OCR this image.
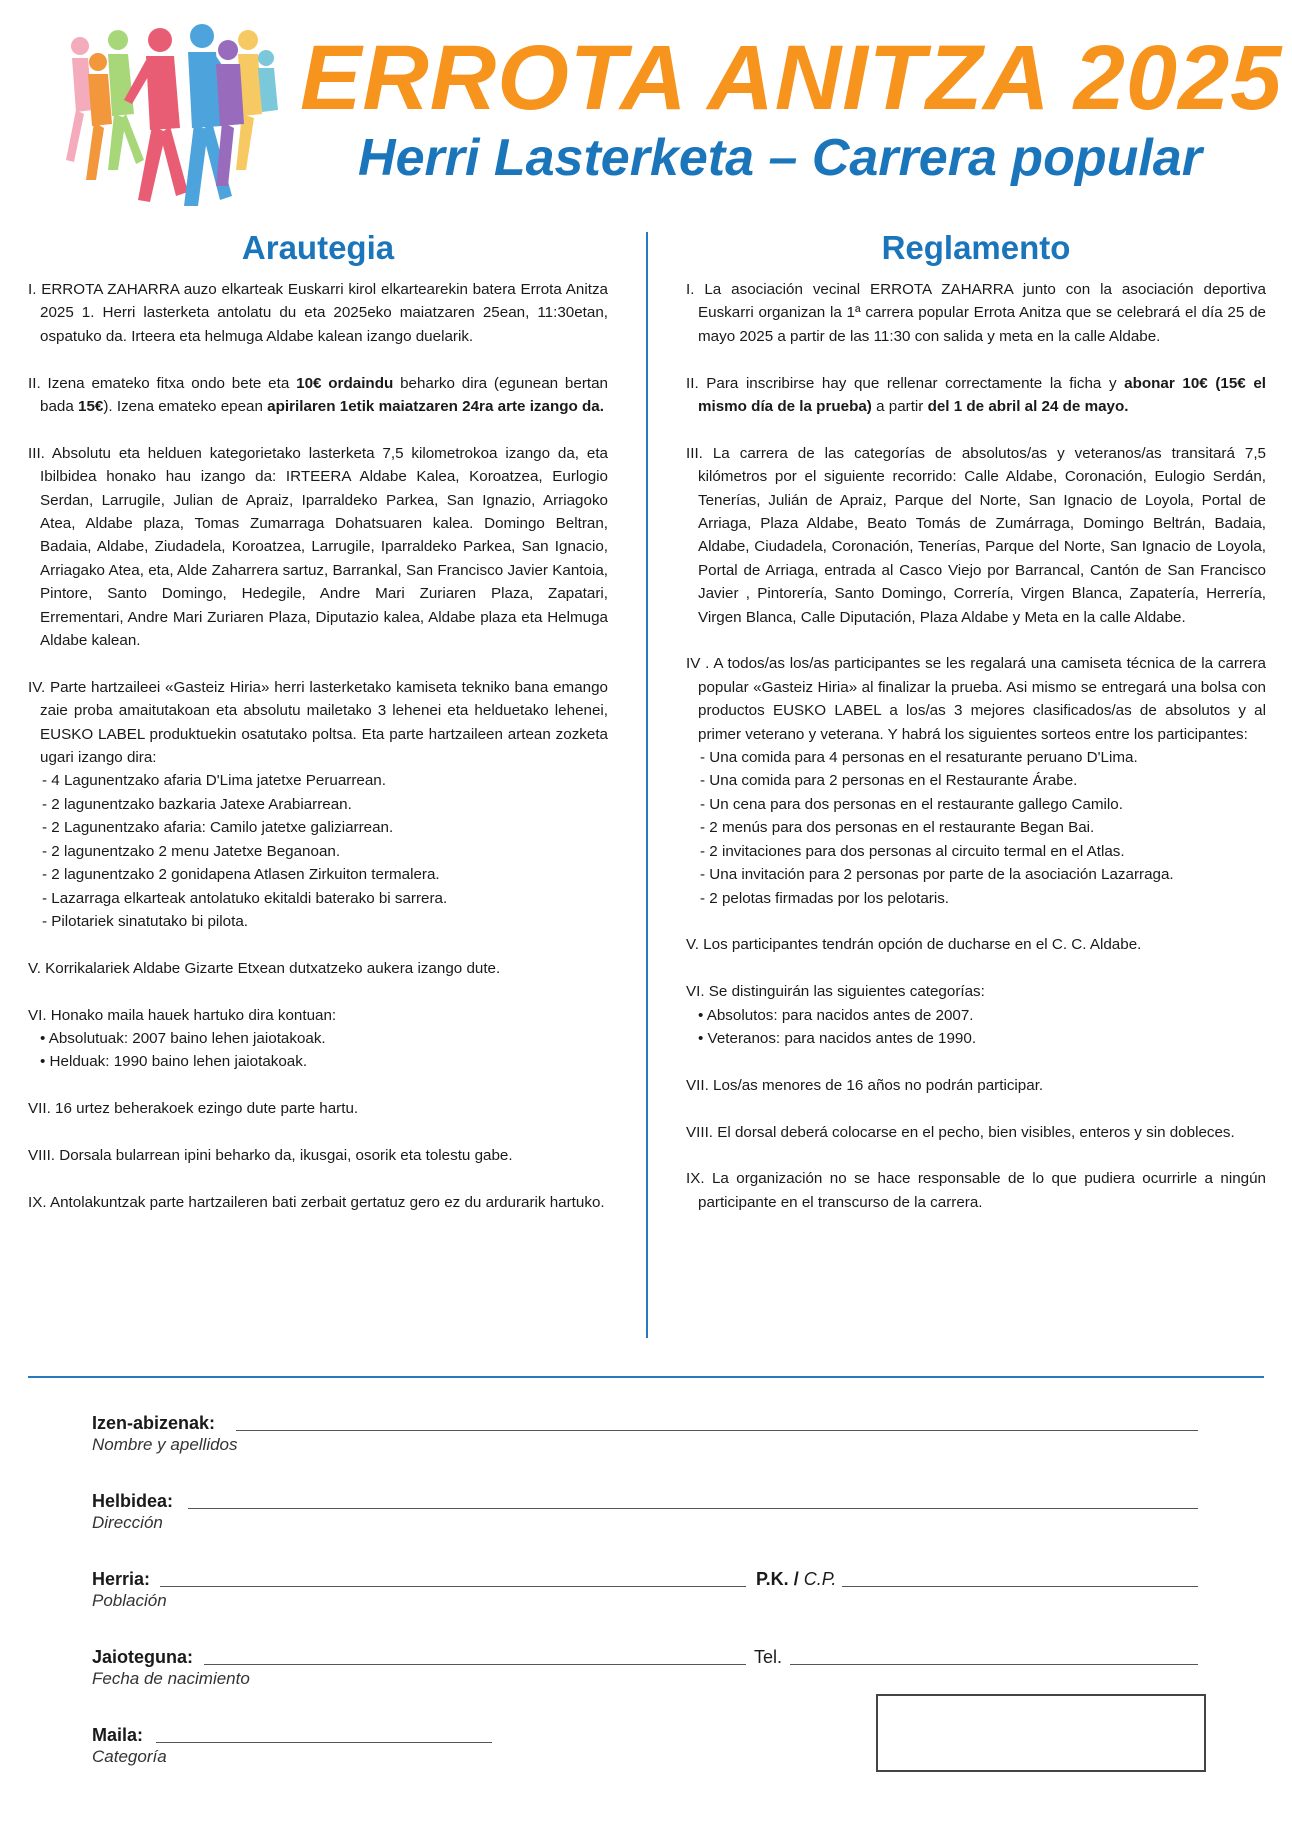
ERROTA ANITZA 2025
Herri Lasterketa – Carrera popular
Arautegia

I. ERROTA ZAHARRA auzo elkarteak Euskarri kirol elkartearekin batera Errota Anitza 2025 1. Herri lasterketa antolatu du eta 2025eko maiatzaren 25ean, 11:30etan, ospatuko da. Irteera eta helmuga Aldabe kalean izango duelarik.

II. Izena emateko fitxa ondo bete eta 10€ ordaindu beharko dira (egunean bertan bada 15€). Izena emateko epean apirilaren 1etik maiatzaren 24ra arte izango da.

III. Absolutu eta helduen kategorietako lasterketa 7,5 kilometrokoa izango da, eta Ibilbidea honako hau izango da: IRTEERA Aldabe Kalea, Koroatzea, Eurlogio Serdan, Larrugile, Julian de Apraiz, Iparraldeko Parkea, San Ignazio, Arriagoko Atea, Aldabe plaza, Tomas Zumarraga Dohatsuaren kalea. Domingo Beltran, Badaia, Aldabe, Ziudadela, Koroatzea, Larrugile, Iparraldeko Parkea, San Ignacio, Arriagako Atea, eta, Alde Zaharrera sartuz, Barrankal, San Francisco Javier Kantoia, Pintore, Santo Domingo, Hedegile, Andre Mari Zuriaren Plaza, Zapatari, Errementari, Andre Mari Zuriaren Plaza, Diputazio kalea, Aldabe plaza eta Helmuga Aldabe kalean.

IV. Parte hartzaileei «Gasteiz Hiria» herri lasterketako kamiseta tekniko bana emango zaie proba amaitutakoan eta absolutu mailetako 3 lehenei eta helduetako lehenei, EUSKO LABEL produktuekin osatutako poltsa. Eta parte hartzaileen artean zozketa ugari izango dira:

- 4 Lagunentzako afaria D'Lima jatetxe Peruarrean.
- 2 lagunentzako bazkaria Jatexe Arabiarrean.
- 2 Lagunentzako afaria: Camilo jatetxe galiziarrean.
- 2 lagunentzako 2 menu Jatetxe Beganoan.
- 2 lagunentzako 2 gonidapena Atlasen Zirkuiton termalera.
- Lazarraga elkarteak antolatuko ekitaldi baterako bi sarrera.
- Pilotariek sinatutako bi pilota.

V. Korrikalariek Aldabe Gizarte Etxean dutxatzeko aukera izango dute.

VI. Honako maila hauek hartuko dira kontuan:

• Absolutuak: 2007 baino lehen jaiotakoak.
• Helduak: 1990 baino lehen jaiotakoak.

VII. 16 urtez beherakoek ezingo dute parte hartu.

VIII. Dorsala bularrean ipini beharko da, ikusgai, osorik eta tolestu gabe.

IX. Antolakuntzak parte hartzaileren bati zerbait gertatuz gero ez du ardurarik hartuko.

Reglamento

I. La asociación vecinal ERROTA ZAHARRA junto con la asociación deportiva Euskarri organizan la 1ª carrera popular Errota Anitza que se celebrará el día 25 de mayo 2025 a partir de las 11:30 con salida y meta en la calle Aldabe.

II. Para inscribirse hay que rellenar correctamente la ficha y abonar 10€ (15€ el mismo día de la prueba) a partir del 1 de abril al 24 de mayo.

III. La carrera de las categorías de absolutos/as y veteranos/as transitará 7,5 kilómetros por el siguiente recorrido: Calle Aldabe, Coronación, Eulogio Serdán, Tenerías, Julián de Apraiz, Parque del Norte, San Ignacio de Loyola, Portal de Arriaga, Plaza Aldabe, Beato Tomás de Zumárraga, Domingo Beltrán, Badaia, Aldabe, Ciudadela, Coronación, Tenerías, Parque del Norte, San Ignacio de Loyola, Portal de Arriaga, entrada al Casco Viejo por Barrancal, Cantón de San Francisco Javier , Pintorería, Santo Domingo, Correría, Virgen Blanca, Zapatería, Herrería, Virgen Blanca, Calle Diputación, Plaza Aldabe y Meta en la calle Aldabe.

IV . A todos/as los/as participantes se les regalará una camiseta técnica de la carrera popular «Gasteiz Hiria» al finalizar la prueba. Asi mismo se entregará una bolsa con productos EUSKO LABEL a los/as 3 mejores clasificados/as de absolutos y al primer veterano y veterana. Y habrá los siguientes sorteos entre los participantes:

- Una comida para 4 personas en el resaturante peruano D'Lima.
- Una comida para 2 personas en el Restaurante Árabe.
- Un cena para dos personas en el restaurante gallego Camilo.
- 2 menús para dos personas en el restaurante Began Bai.
- 2 invitaciones para dos personas al circuito termal en el Atlas.
- Una invitación para 2 personas por parte de la asociación Lazarraga.
- 2 pelotas firmadas por los pelotaris.

V. Los participantes tendrán opción de ducharse en el C. C. Aldabe.

VI. Se distinguirán las siguientes categorías:

• Absolutos: para nacidos antes de 2007.
• Veteranos: para nacidos antes de 1990.

VII. Los/as menores de 16 años no podrán participar.

VIII. El dorsal deberá colocarse en el pecho, bien visibles, enteros y sin dobleces.

IX. La organización no se hace responsable de lo que pudiera ocurrirle a ningún participante en el transcurso de la carrera.

Izen-abizenak:
Nombre y apellidos
Helbidea:
Dirección
Herria:
Población
P.K. / C.P.
Jaioteguna:
Fecha de nacimiento
Tel.
Maila:
Categoría
